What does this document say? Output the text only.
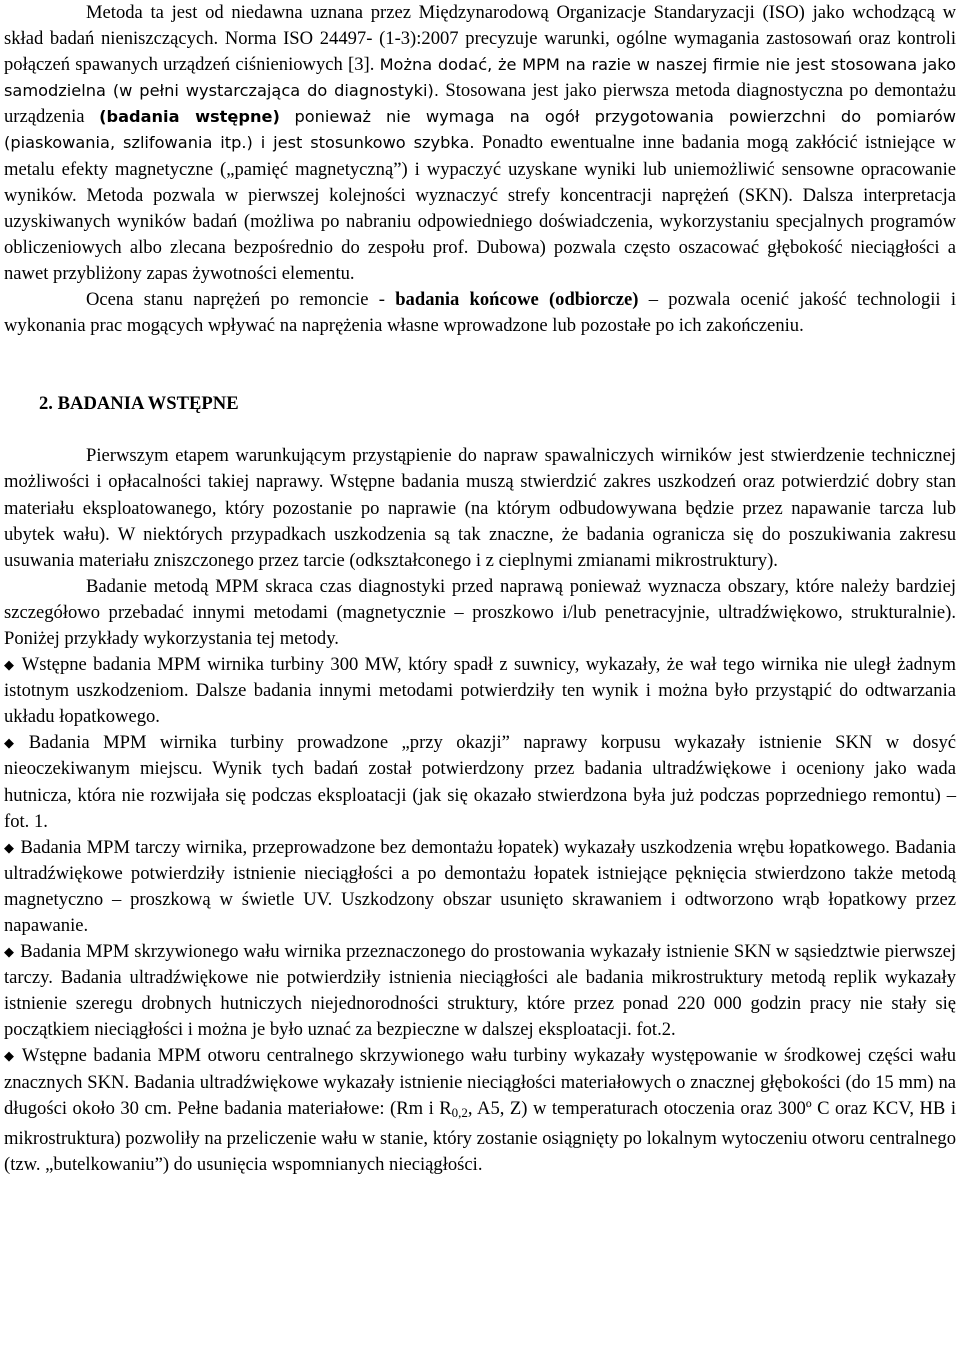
Metoda ta jest od niedawna uznana przez Międzynarodową Organizacje Standaryzacji (ISO) jako wchodzącą w skład badań nieniszczących. Norma ISO 24497- (1-3):2007 precyzuje warunki, ogólne wymagania zastosowań oraz kontroli połączeń spawanych urządzeń ciśnieniowych [3]. Można dodać, że MPM na razie w naszej firmie nie jest stosowana jako samodzielna (w pełni wystarczająca do diagnostyki). Stosowana jest jako pierwsza metoda diagnostyczna po demontażu urządzenia (badania wstępne) ponieważ nie wymaga na ogół przygotowania powierzchni do pomiarów (piaskowania, szlifowania itp.) i jest stosunkowo szybka. Ponadto ewentualne inne badania mogą zakłócić istniejące w metalu efekty magnetyczne („pamięć magnetyczną”) i wypaczyć uzyskane wyniki lub uniemożliwić sensowne opracowanie wyników. Metoda pozwala w pierwszej kolejności wyznaczyć strefy koncentracji naprężeń (SKN). Dalsza interpretacja uzyskiwanych wyników badań (możliwa po nabraniu odpowiedniego doświadczenia, wykorzystaniu specjalnych programów obliczeniowych albo zlecana bezpośrednio do zespołu prof. Dubowa) pozwala często oszacować głębokość nieciągłości a nawet przybliżony zapas żywotności elementu.

Ocena stanu naprężeń po remoncie - badania końcowe (odbiorcze) – pozwala ocenić jakość technologii i wykonania prac mogących wpływać na naprężenia własne wprowadzone lub pozostałe po ich zakończeniu.

2. BADANIA WSTĘPNE

Pierwszym etapem warunkującym przystąpienie do napraw spawalniczych wirników jest stwierdzenie technicznej możliwości i opłacalności takiej naprawy. Wstępne badania muszą stwierdzić zakres uszkodzeń oraz potwierdzić dobry stan materiału eksploatowanego, który pozostanie po naprawie (na którym odbudowywana będzie przez napawanie tarcza lub ubytek wału). W niektórych przypadkach uszkodzenia są tak znaczne, że badania ogranicza się do poszukiwania zakresu usuwania materiału zniszczonego przez tarcie (odkształconego i z cieplnymi zmianami mikrostruktury).

Badanie metodą MPM skraca czas diagnostyki przed naprawą ponieważ wyznacza obszary, które należy bardziej szczegółowo przebadać innymi metodami (magnetycznie – proszkowo i/lub penetracyjnie, ultradźwiękowo, strukturalnie). Poniżej przykłady wykorzystania tej metody.

◆ Wstępne badania MPM wirnika turbiny 300 MW, który spadł z suwnicy, wykazały, że wał tego wirnika nie uległ żadnym istotnym uszkodzeniom. Dalsze badania innymi metodami potwierdziły ten wynik i można było przystąpić do odtwarzania układu łopatkowego.

◆ Badania MPM wirnika turbiny prowadzone „przy okazji” naprawy korpusu wykazały istnienie SKN w dosyć nieoczekiwanym miejscu. Wynik tych badań został potwierdzony przez badania ultradźwiękowe i oceniony jako wada hutnicza, która nie rozwijała się podczas eksploatacji (jak się okazało stwierdzona była już podczas poprzedniego remontu) – fot. 1.

◆ Badania MPM tarczy wirnika, przeprowadzone bez demontażu łopatek) wykazały uszkodzenia wrębu łopatkowego. Badania ultradźwiękowe potwierdziły istnienie nieciągłości a po demontażu łopatek istniejące pęknięcia stwierdzono także metodą magnetyczno – proszkową w świetle UV. Uszkodzony obszar usunięto skrawaniem i odtworzono wrąb łopatkowy przez napawanie.

◆ Badania MPM skrzywionego wału wirnika przeznaczonego do prostowania wykazały istnienie SKN w sąsiedztwie pierwszej tarczy. Badania ultradźwiękowe nie potwierdziły istnienia nieciągłości ale badania mikrostruktury metodą replik wykazały istnienie szeregu drobnych hutniczych niejednorodności struktury, które przez ponad 220 000 godzin pracy nie stały się początkiem nieciągłości i można je było uznać za bezpieczne w dalszej eksploatacji. fot.2.

◆ Wstępne badania MPM otworu centralnego skrzywionego wału turbiny wykazały występowanie w środkowej części wału znacznych SKN. Badania ultradźwiękowe wykazały istnienie nieciągłości materiałowych o znacznej głębokości (do 15 mm) na długości około 30 cm. Pełne badania materiałowe: (Rm i $R_{0,2}$, A5, Z) w temperaturach otoczenia oraz 300º C oraz KCV, HB i mikrostruktura) pozwoliły na przeliczenie wału w stanie, który zostanie osiągnięty po lokalnym wytoczeniu otworu centralnego (tzw. „butelkowaniu”) do usunięcia wspomnianych nieciągłości.
